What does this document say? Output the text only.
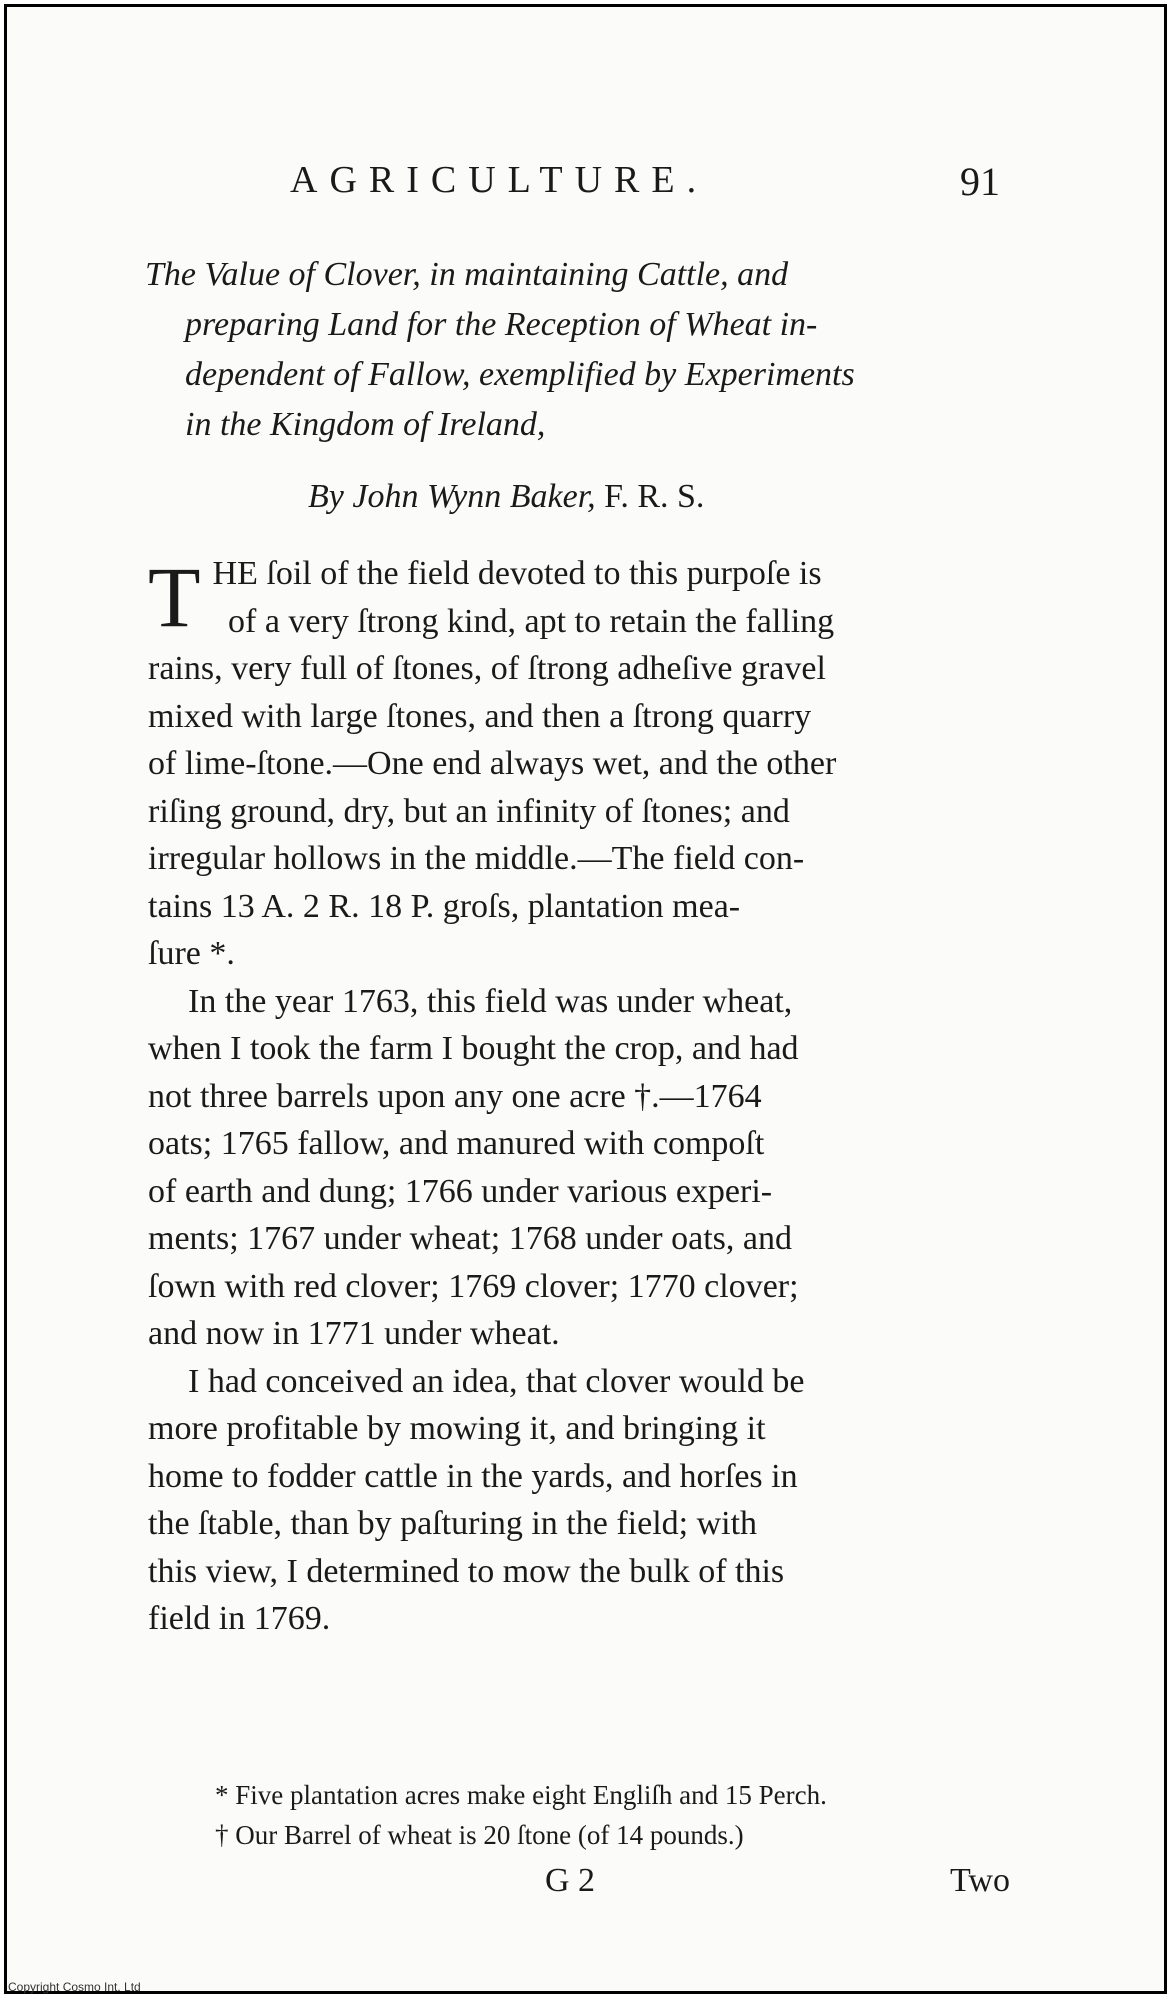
AGRICULTURE.	91
The Value of Clover, in maintaining Cattle, and
preparing Land for the Reception of Wheat in-
dependent of Fallow, exemplified by Experiments
in the Kingdom of Ireland,
By John Wynn Baker, F. R. S.
T HE ſoil of the field devoted to this purpoſe is
of a very ſtrong kind, apt to retain the falling
rains, very full of ſtones, of ſtrong adheſive gravel
mixed with large ſtones, and then a ſtrong quarry
of lime-ſtone.—One end always wet, and the other
riſing ground, dry, but an infinity of ſtones; and
irregular hollows in the middle.—The field con-
tains 13 A. 2 R. 18 P. groſs, plantation mea-
ſure *.
In the year 1763, this field was under wheat,
when I took the farm I bought the crop, and had
not three barrels upon any one acre †.—1764
oats; 1765 fallow, and manured with compoſt
of earth and dung; 1766 under various experi-
ments; 1767 under wheat; 1768 under oats, and
ſown with red clover; 1769 clover; 1770 clover;
and now in 1771 under wheat.
I had conceived an idea, that clover would be
more profitable by mowing it, and bringing it
home to fodder cattle in the yards, and horſes in
the ſtable, than by paſturing in the field; with
this view, I determined to mow the bulk of this
field in 1769.
* Five plantation acres make eight Engliſh and 15 Perch.
† Our Barrel of wheat is 20 ſtone (of 14 pounds.)
G 2	Two
Copyright Cosmo Int. Ltd
